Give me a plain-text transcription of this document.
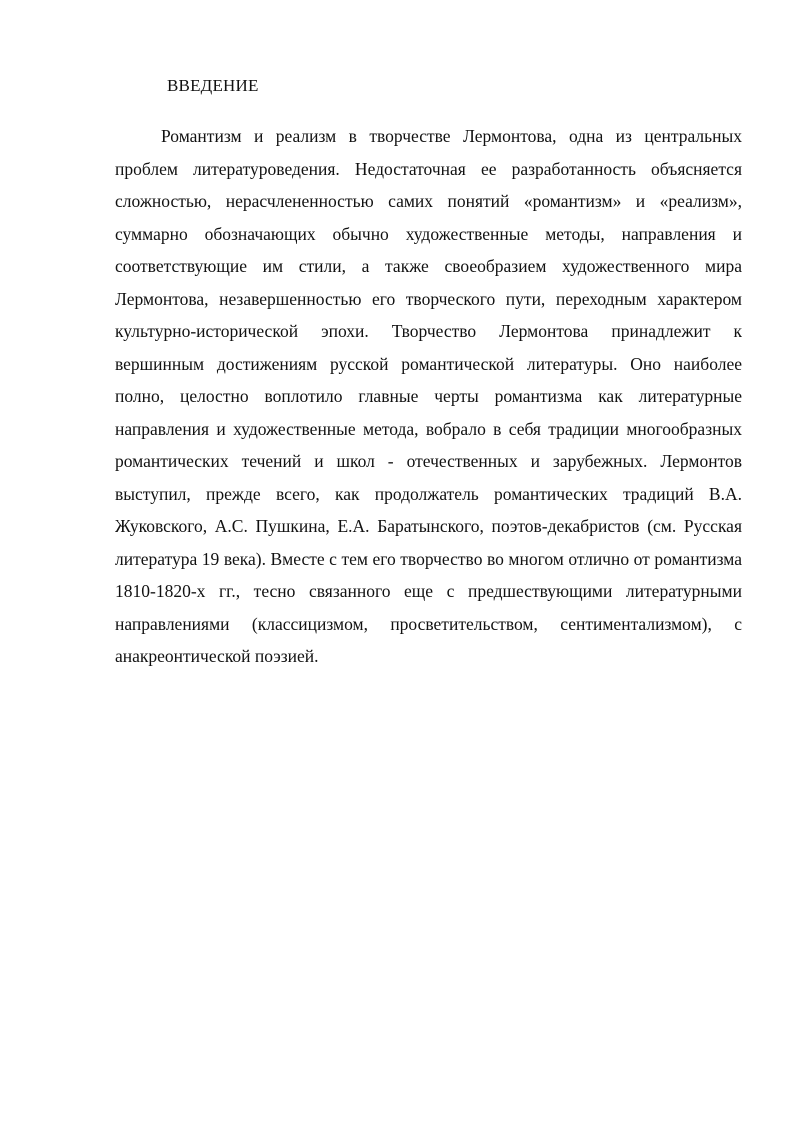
ВВЕДЕНИЕ

Романтизм и реализм в творчестве Лермонтова, одна из центральных проблем литературоведения. Недостаточная ее разработанность объясняется сложностью, нерасчлененностью самих понятий «романтизм» и «реализм», суммарно обозначающих обычно художественные методы, направления и соответствующие им стили, а также своеобразием художественного мира Лермонтова, незавершенностью его творческого пути, переходным характером культурно-исторической эпохи. Творчество Лермонтова принадлежит к вершинным достижениям русской романтической литературы. Оно наиболее полно, целостно воплотило главные черты романтизма как литературные направления и художественные метода, вобрало в себя традиции многообразных романтических течений и школ - отечественных и зарубежных. Лермонтов выступил, прежде всего, как продолжатель романтических традиций В.А. Жуковского, А.С. Пушкина, Е.А. Баратынского, поэтов-декабристов (см. Русская литература 19 века). Вместе с тем его творчество во многом отлично от романтизма 1810-1820-х гг., тесно связанного еще с предшествующими литературными направлениями (классицизмом, просветительством, сентиментализмом), с анакреонтической поэзией.
